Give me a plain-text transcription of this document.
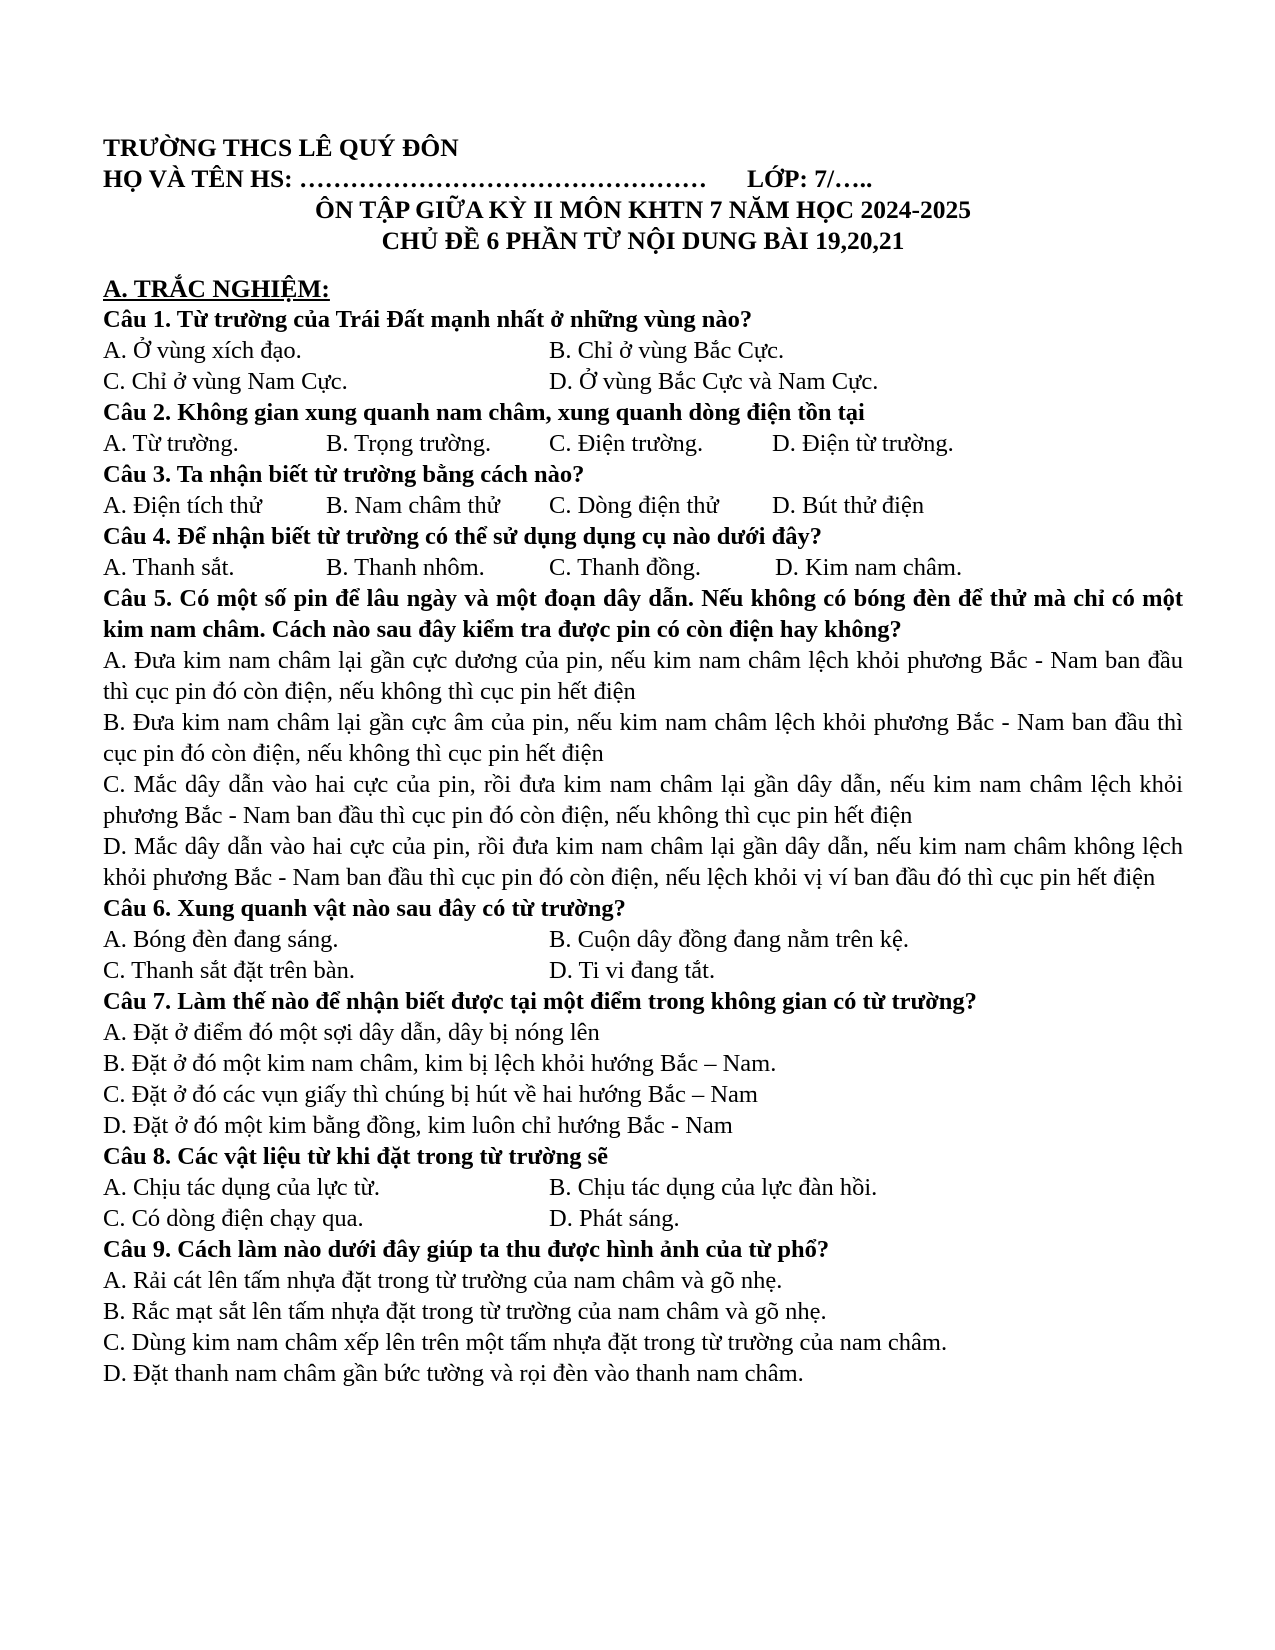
TRƯỜNG THCS LÊ QUÝ ĐÔN
HỌ VÀ TÊN HS: ………………………………………… LỚP: 7/…..
ÔN TẬP GIỮA KỲ II MÔN KHTN 7 NĂM HỌC 2024-2025
CHỦ ĐỀ 6 PHẦN TỪ NỘI DUNG BÀI 19,20,21
A. TRẮC NGHIỆM:
Câu 1. Từ trường của Trái Đất mạnh nhất ở những vùng nào?
A. Ở vùng xích đạo.	B. Chỉ ở vùng Bắc Cực.
C. Chỉ ở vùng Nam Cực.	D. Ở vùng Bắc Cực và Nam Cực.
Câu 2. Không gian xung quanh nam châm, xung quanh dòng điện tồn tại
A. Từ trường.	B. Trọng trường. C. Điện trường.	D. Điện từ trường.
Câu 3. Ta nhận biết từ trường bằng cách nào?
A. Điện tích thử	B. Nam châm thử C. Dòng điện thử D. Bút thử điện
Câu 4. Để nhận biết từ trường có thể sử dụng dụng cụ nào dưới đây?
A. Thanh sắt.	B. Thanh nhôm.	C. Thanh đồng.	D. Kim nam châm.
Câu 5. Có một số pin để lâu ngày và một đoạn dây dẫn. Nếu không có bóng đèn để thử mà chỉ có một kim nam châm. Cách nào sau đây kiểm tra được pin có còn điện hay không?
A. Đưa kim nam châm lại gần cực dương của pin, nếu kim nam châm lệch khỏi phương Bắc - Nam ban đầu thì cục pin đó còn điện, nếu không thì cục pin hết điện
B. Đưa kim nam châm lại gần cực âm của pin, nếu kim nam châm lệch khỏi phương Bắc - Nam ban đầu thì cục pin đó còn điện, nếu không thì cục pin hết điện
C. Mắc dây dẫn vào hai cực của pin, rồi đưa kim nam châm lại gần dây dẫn, nếu kim nam châm lệch khỏi phương Bắc - Nam ban đầu thì cục pin đó còn điện, nếu không thì cục pin hết điện
D. Mắc dây dẫn vào hai cực của pin, rồi đưa kim nam châm lại gần dây dẫn, nếu kim nam châm không lệch khỏi phương Bắc - Nam ban đầu thì cục pin đó còn điện, nếu lệch khỏi vị ví ban đầu đó thì cục pin hết điện
Câu 6. Xung quanh vật nào sau đây có từ trường?
A. Bóng đèn đang sáng.	B. Cuộn dây đồng đang nằm trên kệ.
C. Thanh sắt đặt trên bàn.	D. Ti vi đang tắt.
Câu 7. Làm thế nào để nhận biết được tại một điểm trong không gian có từ trường?
A. Đặt ở điểm đó một sợi dây dẫn, dây bị nóng lên
B. Đặt ở đó một kim nam châm, kim bị lệch khỏi hướng Bắc – Nam.
C. Đặt ở đó các vụn giấy thì chúng bị hút về hai hướng Bắc – Nam
D. Đặt ở đó một kim bằng đồng, kim luôn chỉ hướng Bắc - Nam
Câu 8. Các vật liệu từ khi đặt trong từ trường sẽ
A. Chịu tác dụng của lực từ.	B. Chịu tác dụng của lực đàn hồi.
C. Có dòng điện chạy qua.	D. Phát sáng.
Câu 9. Cách làm nào dưới đây giúp ta thu được hình ảnh của từ phổ?
A. Rải cát lên tấm nhựa đặt trong từ trường của nam châm và gõ nhẹ.
B. Rắc mạt sắt lên tấm nhựa đặt trong từ trường của nam châm và gõ nhẹ.
C. Dùng kim nam châm xếp lên trên một tấm nhựa đặt trong từ trường của nam châm.
D. Đặt thanh nam châm gần bức tường và rọi đèn vào thanh nam châm.
